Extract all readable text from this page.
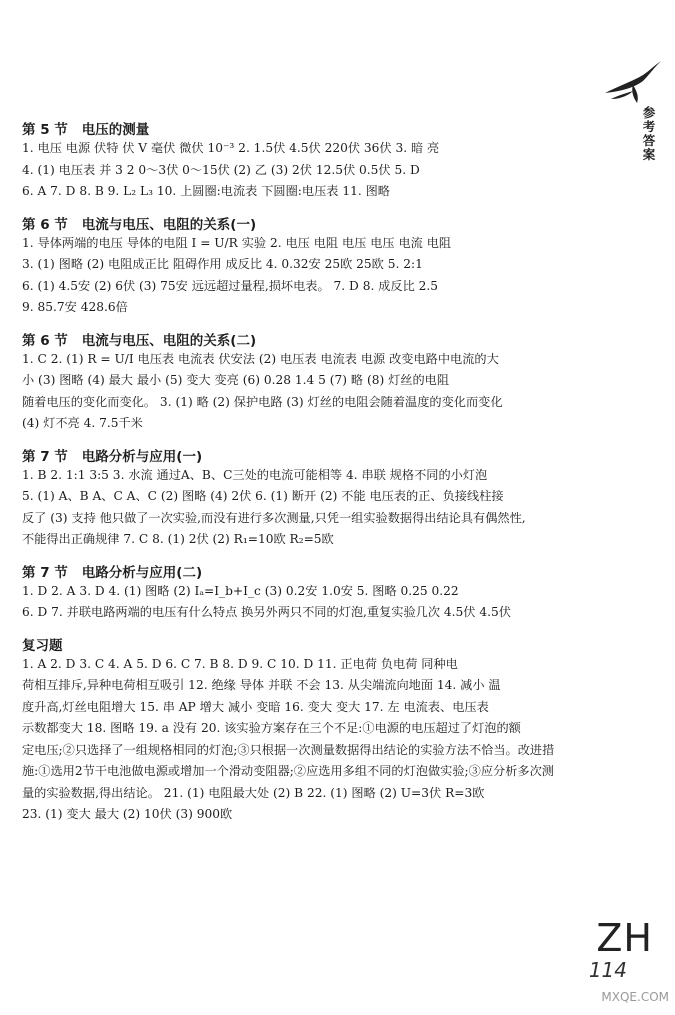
参
考
答
案

第 5 节 电压的测量

1. 电压 电源 伏特 伏 V 毫伏 微伏 10⁻³ 2. 1.5伏 4.5伏 220伏 36伏 3. 暗 亮
4. (1) 电压表 并 3 2 0～3伏 0～15伏 (2) 乙 (3) 2伏 12.5伏 0.5伏 5. D
6. A 7. D 8. B 9. L₂ L₃ 10. 上圆圈:电流表 下圆圈:电压表 11. 图略

第 6 节 电流与电压、电阻的关系(一)

1. 导体两端的电压 导体的电阻 I = U/R 实验 2. 电压 电阻 电压 电压 电流 电阻
3. (1) 图略 (2) 电阻成正比 阻碍作用 成反比 4. 0.32安 25欧 25欧 5. 2:1
6. (1) 4.5安 (2) 6伏 (3) 75安 远远超过量程,损坏电表。 7. D 8. 成反比 2.5
9. 85.7安 428.6倍

第 6 节 电流与电压、电阻的关系(二)

1. C 2. (1) R = U/I 电压表 电流表 伏安法 (2) 电压表 电流表 电源 改变电路中电流的大
小 (3) 图略 (4) 最大 最小 (5) 变大 变亮 (6) 0.28 1.4 5 (7) 略 (8) 灯丝的电阻
随着电压的变化而变化。 3. (1) 略 (2) 保护电路 (3) 灯丝的电阻会随着温度的变化而变化
(4) 灯不亮 4. 7.5千米

第 7 节 电路分析与应用(一)

1. B 2. 1:1 3:5 3. 水流 通过A、B、C三处的电流可能相等 4. 串联 规格不同的小灯泡
5. (1) A、B A、C A、C (2) 图略 (4) 2伏 6. (1) 断开 (2) 不能 电压表的正、负接线柱接
反了 (3) 支持 他只做了一次实验,而没有进行多次测量,只凭一组实验数据得出结论具有偶然性,
不能得出正确规律 7. C 8. (1) 2伏 (2) R₁=10欧 R₂=5欧

第 7 节 电路分析与应用(二)

1. D 2. A 3. D 4. (1) 图略 (2) Iₐ=I_b+I_c (3) 0.2安 1.0安 5. 图略 0.25 0.22
6. D 7. 并联电路两端的电压有什么特点 换另外两只不同的灯泡,重复实验几次 4.5伏 4.5伏

复习题

1. A 2. D 3. C 4. A 5. D 6. C 7. B 8. D 9. C 10. D 11. 正电荷 负电荷 同种电
荷相互排斥,异种电荷相互吸引 12. 绝缘 导体 并联 不会 13. 从尖端流向地面 14. 减小 温
度升高,灯丝电阻增大 15. 串 AP 增大 减小 变暗 16. 变大 变大 17. 左 电流表、电压表
示数都变大 18. 图略 19. a 没有 20. 该实验方案存在三个不足:①电源的电压超过了灯泡的额
定电压;②只选择了一组规格相同的灯泡;③只根据一次测量数据得出结论的实验方法不恰当。改进措
施:①选用2节干电池做电源或增加一个滑动变阻器;②应选用多组不同的灯泡做实验;③应分析多次测
量的实验数据,得出结论。 21. (1) 电阻最大处 (2) B 22. (1) 图略 (2) U=3伏 R=3欧
23. (1) 变大 最大 (2) 10伏 (3) 900欧
ZH
114
MXQE.COM
